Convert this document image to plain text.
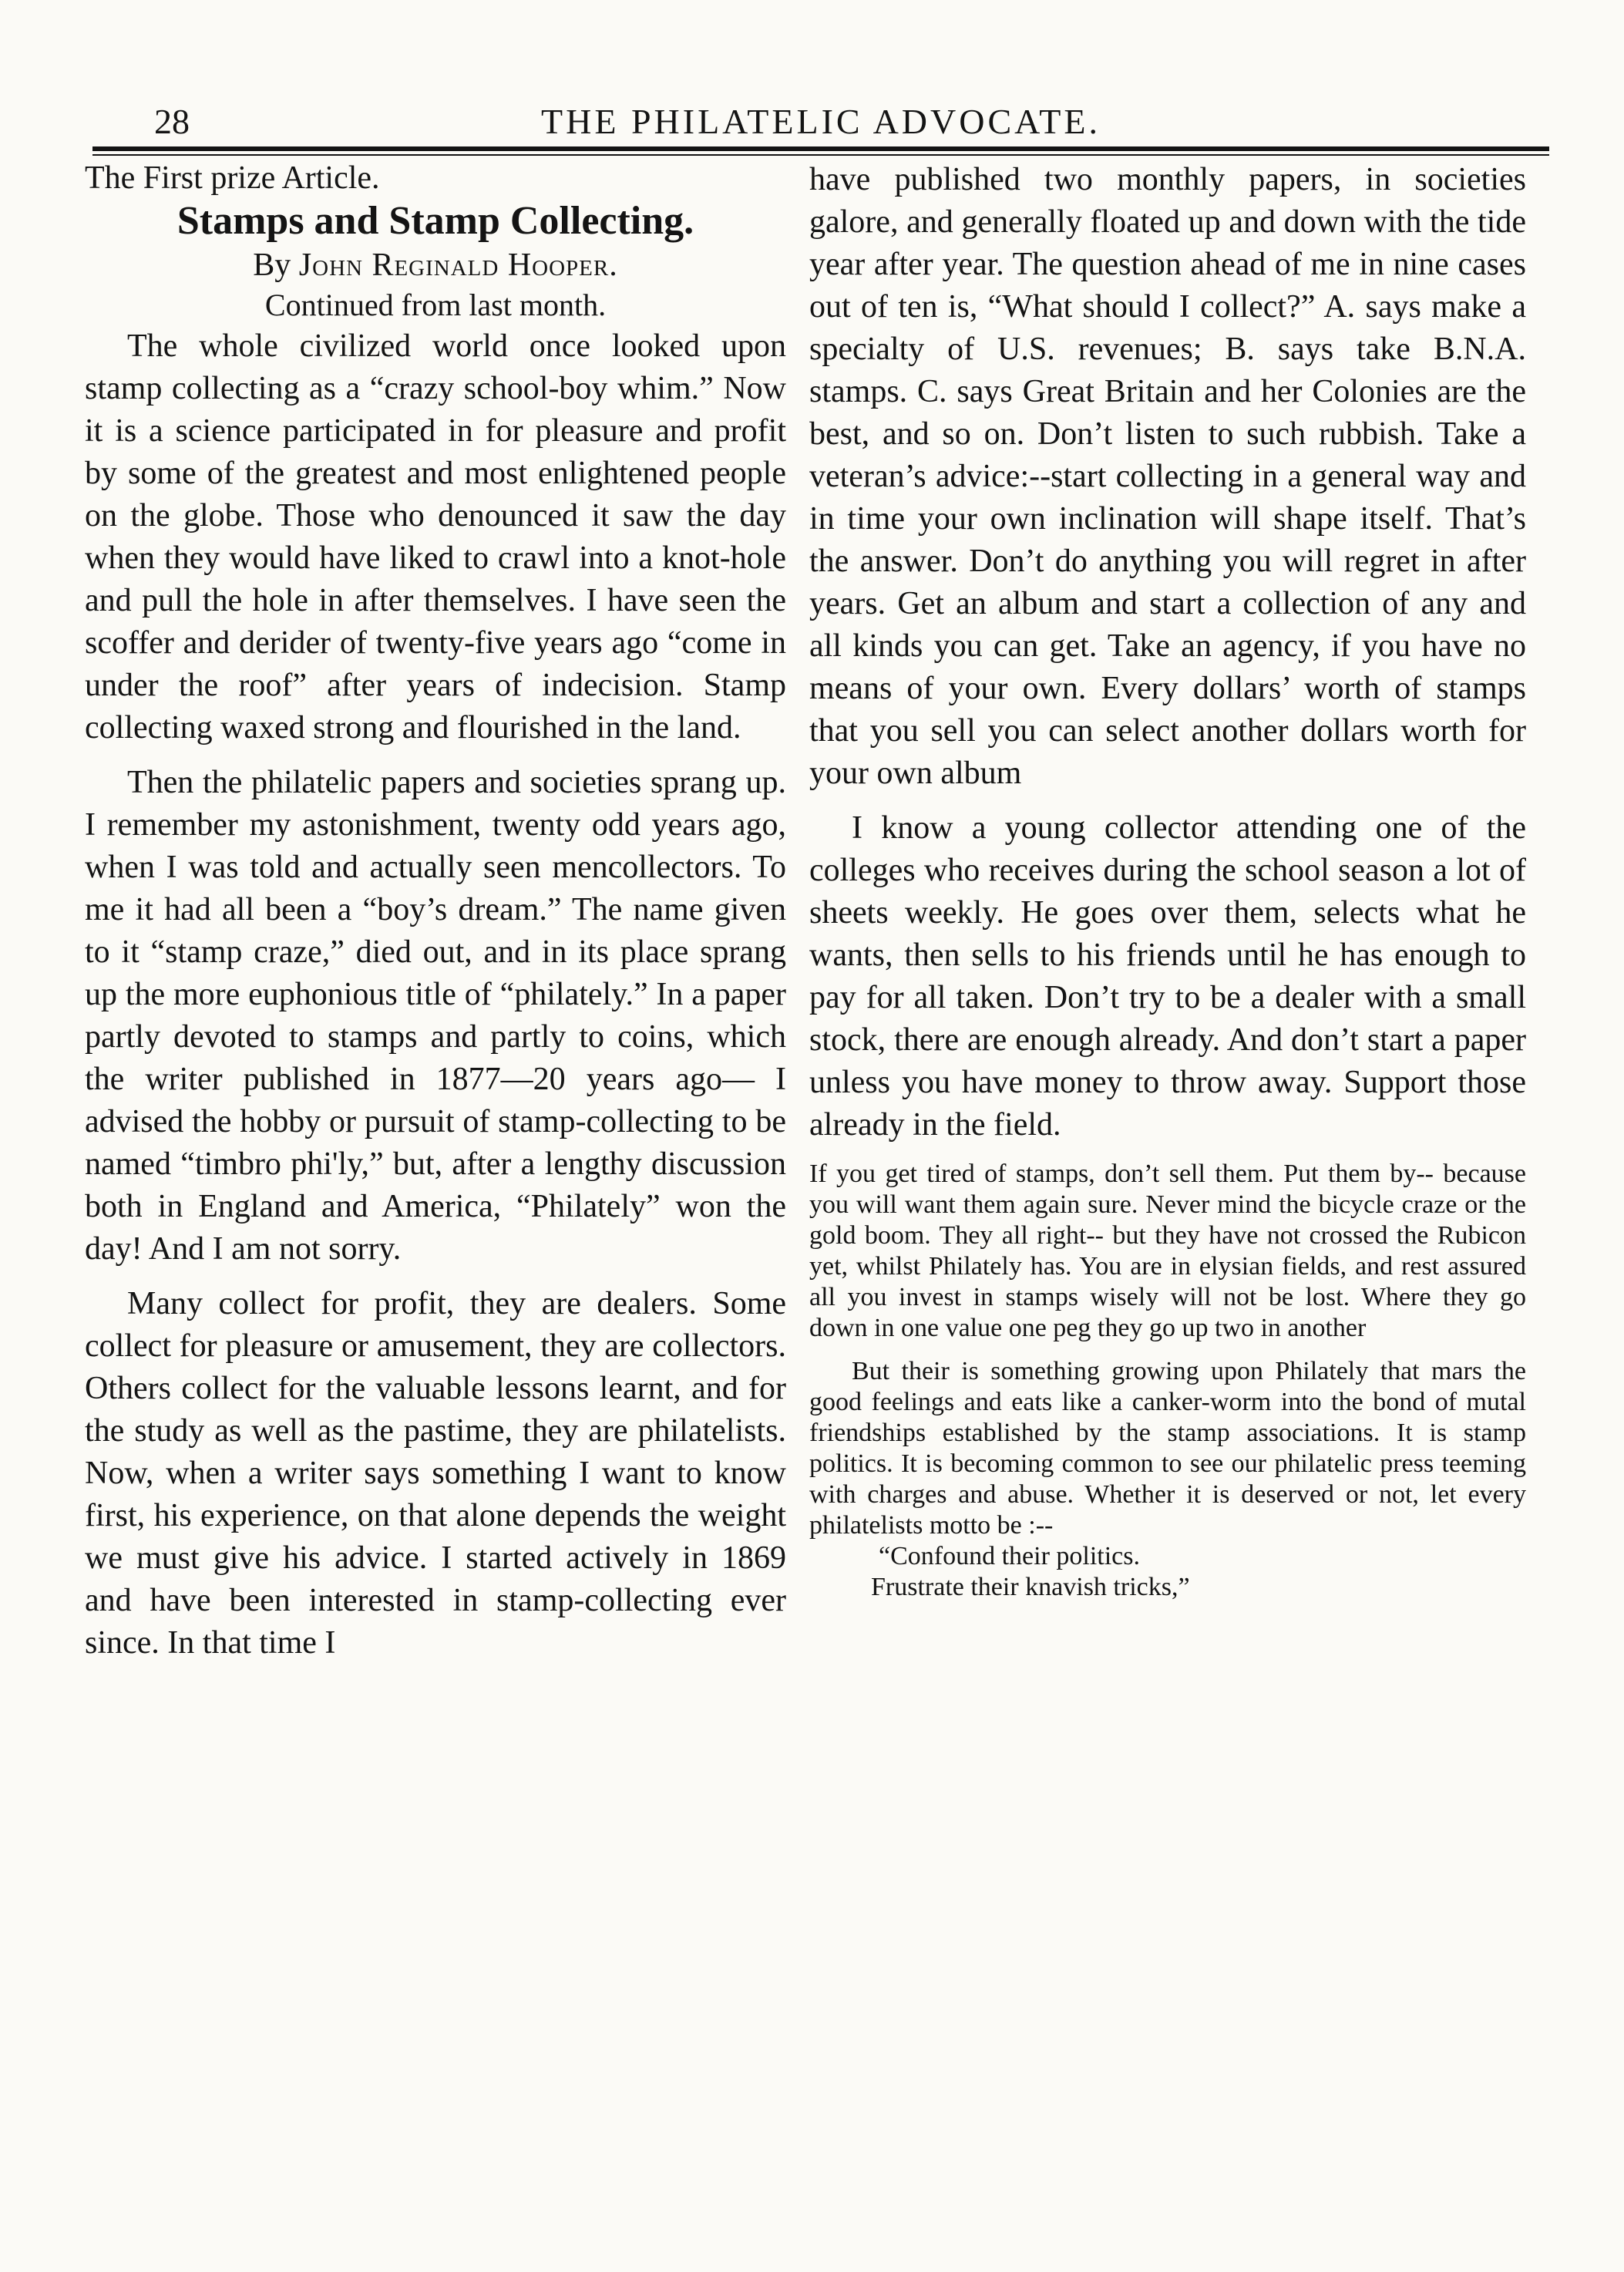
28	THE PHILATELIC ADVOCATE.
The First prize Article.
Stamps and Stamp Collecting.
By John Reginald Hooper.
Continued from last month.

The whole civilized world once looked upon stamp collecting as a “crazy school-boy whim.” Now it is a science participated in for pleasure and profit by some of the greatest and most enlightened people on the globe. Those who denounced it saw the day when they would have liked to crawl into a knot-hole and pull the hole in after themselves. I have seen the scoffer and derider of twenty-five years ago “come in under the roof” after years of indecision. Stamp collecting waxed strong and flourished in the land.

Then the philatelic papers and societies sprang up. I remember my astonishment, twenty odd years ago, when I was told and actually seen mencollectors. To me it had all been a “boy’s dream.” The name given to it “stamp craze,” died out, and in its place sprang up the more euphonious title of “philately.” In a paper partly devoted to stamps and partly to coins, which the writer published in 1877—20 years ago— I advised the hobby or pursuit of stamp-collecting to be named “timbro phi'ly,” but, after a lengthy discussion both in England and America, “Philately” won the day! And I am not sorry.

Many collect for profit, they are dealers. Some collect for pleasure or amusement, they are collectors. Others collect for the valuable lessons learnt, and for the study as well as the pastime, they are philatelists. Now, when a writer says something I want to know first, his experience, on that alone depends the weight we must give his advice. I started actively in 1869 and have been interested in stamp-collecting ever since. In that time I

have published two monthly papers, in societies galore, and generally floated up and down with the tide year after year. The question ahead of me in nine cases out of ten is, “What should I collect?” A. says make a specialty of U.S. revenues; B. says take B.N.A. stamps. C. says Great Britain and her Colonies are the best, and so on. Don’t listen to such rubbish. Take a veteran’s advice:--start collecting in a general way and in time your own inclination will shape itself. That’s the answer. Don’t do anything you will regret in after years. Get an album and start a collection of any and all kinds you can get. Take an agency, if you have no means of your own. Every dollars’ worth of stamps that you sell you can select another dollars worth for your own album

I know a young collector attending one of the colleges who receives during the school season a lot of sheets weekly. He goes over them, selects what he wants, then sells to his friends until he has enough to pay for all taken. Don’t try to be a dealer with a small stock, there are enough already. And don’t start a paper unless you have money to throw away. Support those already in the field.

If you get tired of stamps, don’t sell them. Put them by-- because you will want them again sure. Never mind the bicycle craze or the gold boom. They all right-- but they have not crossed the Rubicon yet, whilst Philately has. You are in elysian fields, and rest assured all you invest in stamps wisely will not be lost. Where they go down in one value one peg they go up two in another

But their is something growing upon Philately that mars the good feelings and eats like a canker-worm into the bond of mutal friendships established by the stamp associations. It is stamp politics. It is becoming common to see our philatelic press teeming with charges and abuse. Whether it is deserved or not, let every philatelists motto be :--

“Confound their politics.
Frustrate their knavish tricks,”
